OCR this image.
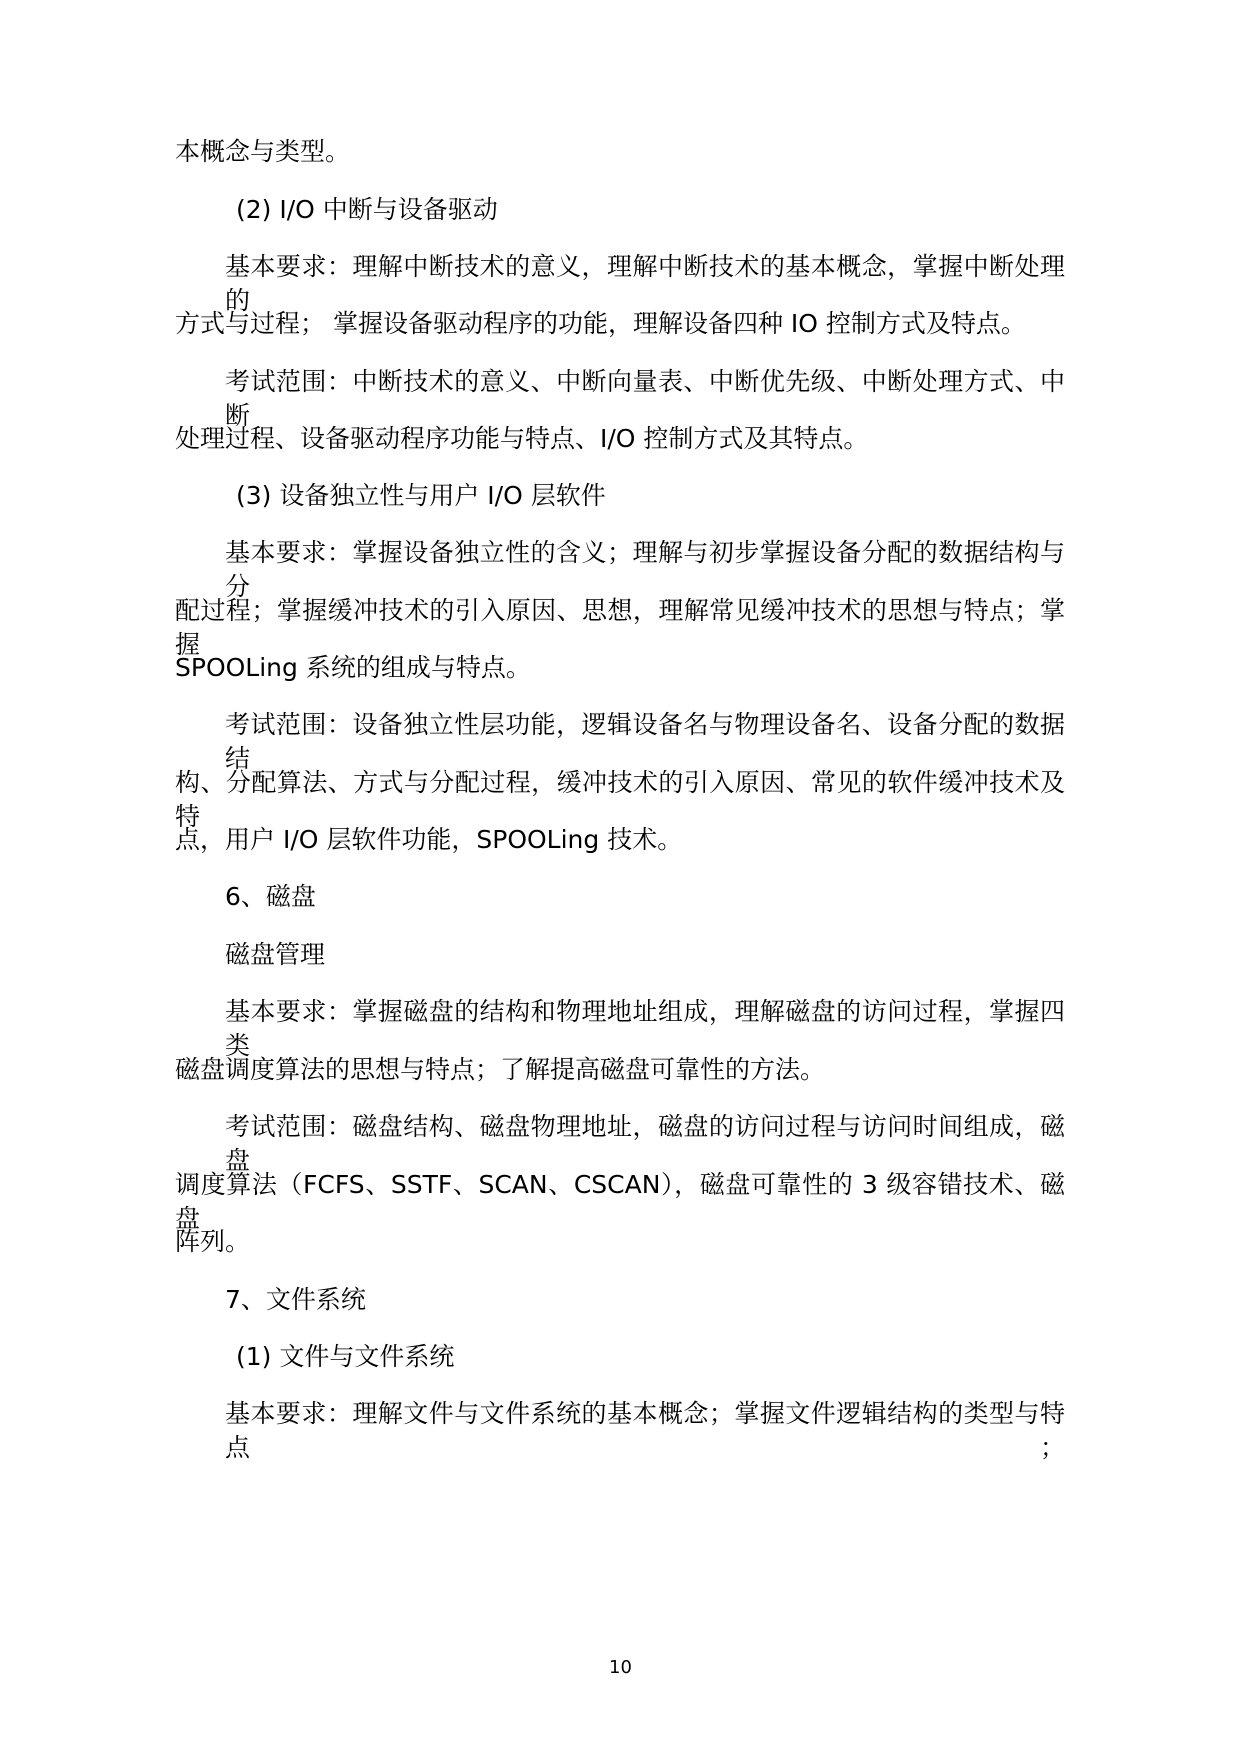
本概念与类型。
(2) I/O 中断与设备驱动
基本要求：理解中断技术的意义，理解中断技术的基本概念，掌握中断处理的
方式与过程； 掌握设备驱动程序的功能，理解设备四种 IO 控制方式及特点。
考试范围：中断技术的意义、中断向量表、中断优先级、中断处理方式、中断
处理过程、设备驱动程序功能与特点、I/O 控制方式及其特点。
(3) 设备独立性与用户 I/O 层软件
基本要求：掌握设备独立性的含义；理解与初步掌握设备分配的数据结构与分
配过程；掌握缓冲技术的引入原因、思想，理解常见缓冲技术的思想与特点；掌握
SPOOLing 系统的组成与特点。
考试范围：设备独立性层功能，逻辑设备名与物理设备名、设备分配的数据结
构、分配算法、方式与分配过程，缓冲技术的引入原因、常见的软件缓冲技术及特
点，用户 I/O 层软件功能，SPOOLing 技术。
6、磁盘
磁盘管理
基本要求：掌握磁盘的结构和物理地址组成，理解磁盘的访问过程，掌握四类
磁盘调度算法的思想与特点；了解提高磁盘可靠性的方法。
考试范围：磁盘结构、磁盘物理地址，磁盘的访问过程与访问时间组成，磁盘
调度算法（FCFS、SSTF、SCAN、CSCAN），磁盘可靠性的 3 级容错技术、磁盘
阵列。
7、文件系统
(1) 文件与文件系统
基本要求：理解文件与文件系统的基本概念；掌握文件逻辑结构的类型与特点；
10
